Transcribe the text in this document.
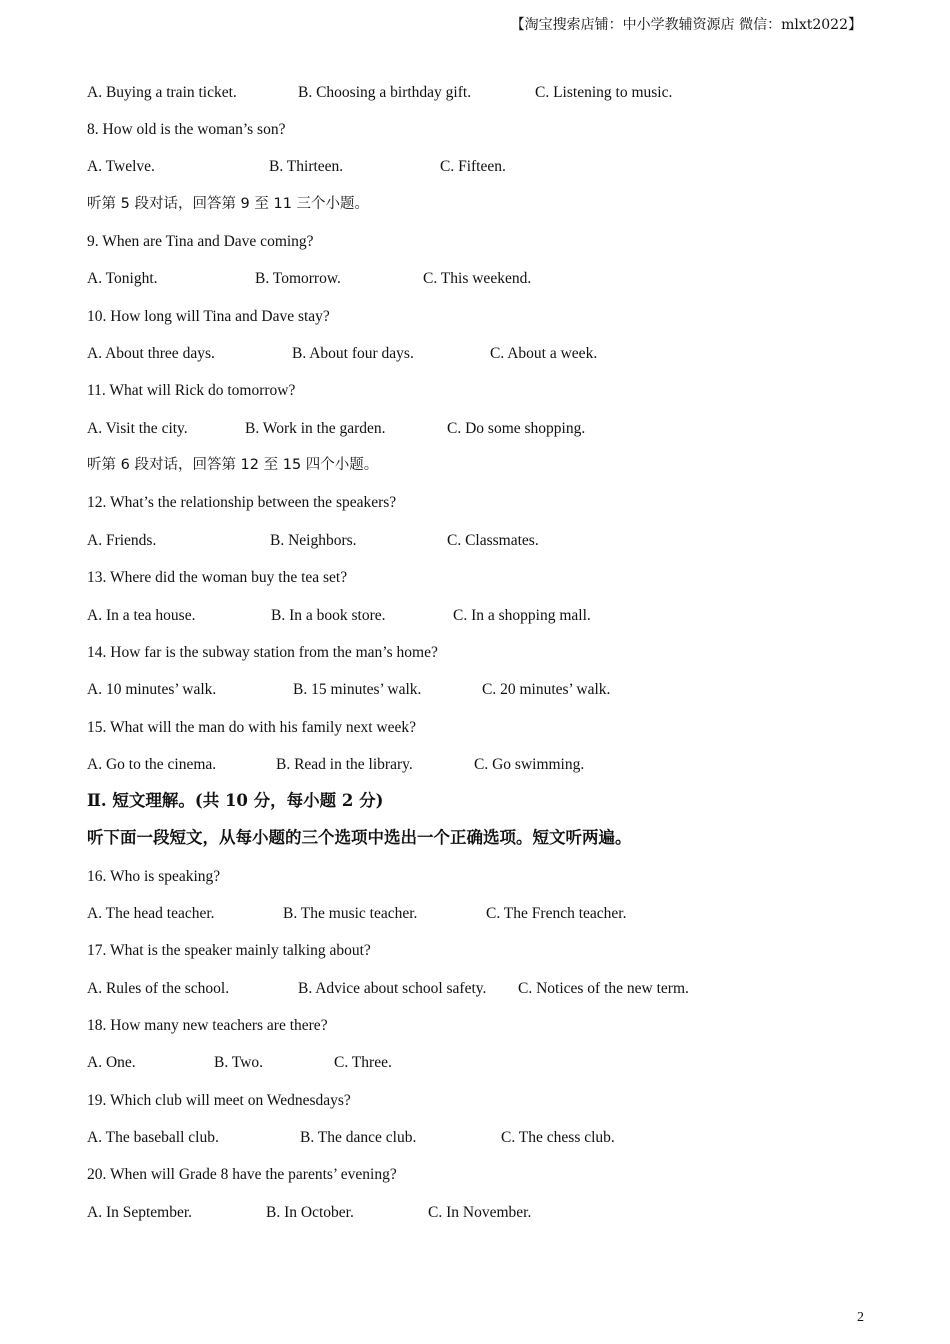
【淘宝搜索店铺：中小学教辅资源店 微信：mlxt2022】
A. Buying a train ticket.	B. Choosing a birthday gift.	C. Listening to music.
8. How old is the woman’s son?
A. Twelve.	B. Thirteen.	C. Fifteen.
听第 5 段对话，回答第 9 至 11 三个小题。
9. When are Tina and Dave coming?
A. Tonight.	B. Tomorrow.	C. This weekend.
10. How long will Tina and Dave stay?
A. About three days.	B. About four days.	C. About a week.
11. What will Rick do tomorrow?
A. Visit the city.	B. Work in the garden.	C. Do some shopping.
听第 6 段对话，回答第 12 至 15 四个小题。
12. What’s the relationship between the speakers?
A. Friends.	B. Neighbors.	C. Classmates.
13. Where did the woman buy the tea set?
A. In a tea house.	B. In a book store.	C. In a shopping mall.
14. How far is the subway station from the man’s home?
A. 10 minutes’ walk.	B. 15 minutes’ walk.	C. 20 minutes’ walk.
15. What will the man do with his family next week?
A. Go to the cinema.	B. Read in the library.	C. Go swimming.
Ⅱ. 短文理解。(共 10 分，每小题 2 分)
听下面一段短文，从每小题的三个选项中选出一个正确选项。短文听两遍。
16. Who is speaking?
A. The head teacher.	B. The music teacher.	C. The French teacher.
17. What is the speaker mainly talking about?
A. Rules of the school.	B. Advice about school safety. C. Notices of the new term.
18. How many new teachers are there?
A. One.	B. Two.	C. Three.
19. Which club will meet on Wednesdays?
A. The baseball club.	B. The dance club.	C. The chess club.
20. When will Grade 8 have the parents’ evening?
A. In September.	B. In October.	C. In November.
2
